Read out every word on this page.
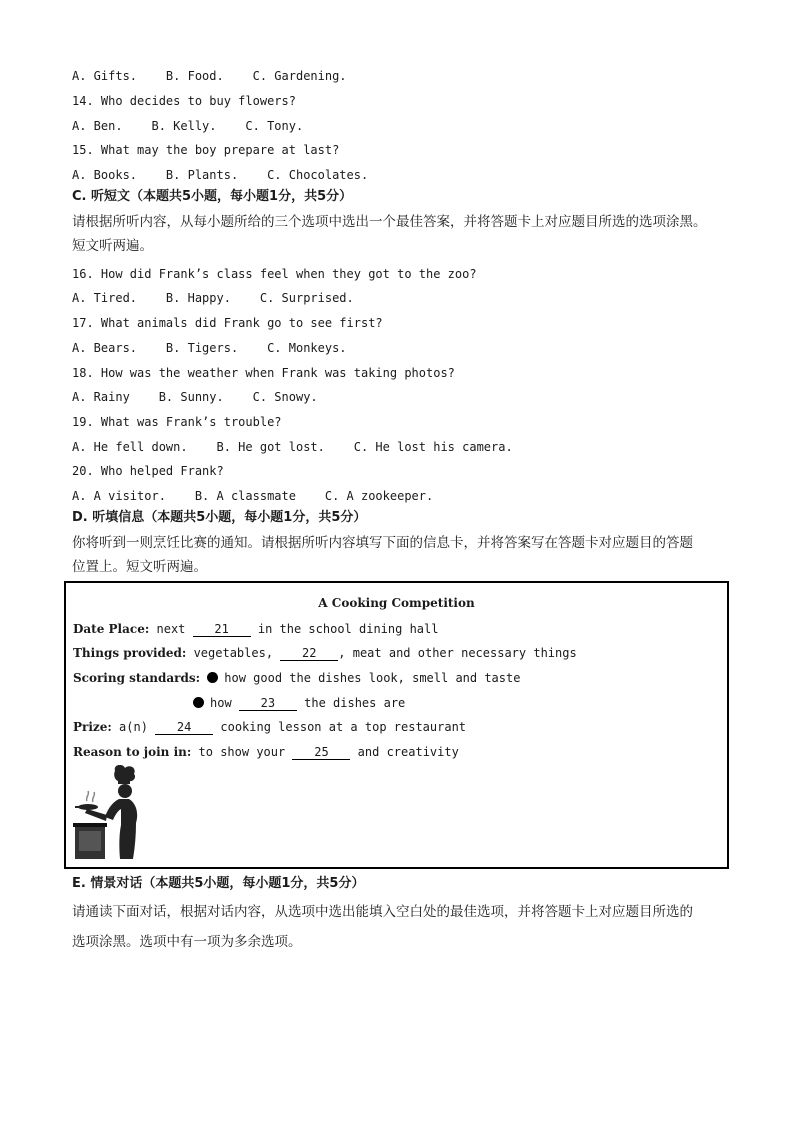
A. Gifts.    B. Food.    C. Gardening.
14. Who decides to buy flowers?
A. Ben.    B. Kelly.    C. Tony.
15. What may the boy prepare at last?
A. Books.    B. Plants.    C. Chocolates.
C. 听短文（本题共5小题，每小题1分，共5分）
请根据所听内容，从每小题所给的三个选项中选出一个最佳答案，并将答题卡上对应题目所选的选项涂黑。
短文听两遍。
16. How did Frank’s class feel when they got to the zoo?
A. Tired.    B. Happy.    C. Surprised.
17. What animals did Frank go to see first?
A. Bears.    B. Tigers.    C. Monkeys.
18. How was the weather when Frank was taking photos?
A. Rainy    B. Sunny.    C. Snowy.
19. What was Frank’s trouble?
A. He fell down.    B. He got lost.    C. He lost his camera.
20. Who helped Frank?
A. A visitor.    B. A classmate    C. A zookeeper.
D. 听填信息（本题共5小题，每小题1分，共5分）
你将听到一则烹饪比赛的通知。请根据所听内容填写下面的信息卡，并将答案写在答题卡对应题目的答题
位置上。短文听两遍。
A Cooking Competition
Date Place: next 21 in the school dining hall
Things provided: vegetables, 22 , meat and other necessary things
Scoring standards: how good the dishes look, smell and taste
how 23 the dishes are
Prize: a(n) 24 cooking lesson at a top restaurant
Reason to join in: to show your 25 and creativity
E. 情景对话（本题共5小题，每小题1分，共5分）
请通读下面对话，根据对话内容，从选项中选出能填入空白处的最佳选项，并将答题卡上对应题目所选的
选项涂黑。选项中有一项为多余选项。
